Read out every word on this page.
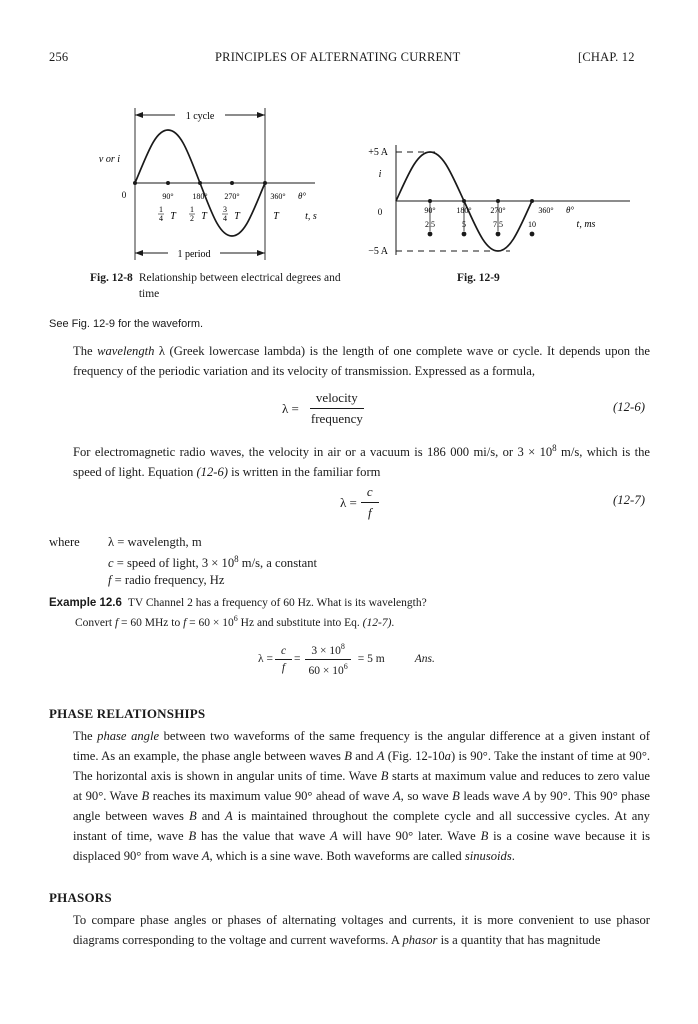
256	PRINCIPLES OF ALTERNATING CURRENT	[CHAP. 12
1 cycle
v or i
0	90° 180° 270°	360° θ°
1
4 T
1
2 T
3
4 T	T	t, s
1 period
Fig. 12-8 Relationship between electrical degrees and time
+5 A
i
0
−5 A
90°	180° 270°	360° θ°
2.5	5	7.5	10	t, ms
Fig. 12-9
See Fig. 12-9 for the waveform.
The wavelength λ (Greek lowercase lambda) is the length of one complete wave or cycle. It depends upon the frequency of the periodic variation and its velocity of transmission. Expressed as a formula,
$\lambda = \frac{\text{velocity}}{\text{frequency}}$	(12-6)
For electromagnetic radio waves, the velocity in air or a vacuum is 186 000 mi/s, or $3 \times 10^8$ m/s, which is the speed of light. Equation (12-6) is written in the familiar form
$\lambda = \frac{c}{f}$	(12-7)
where	λ = wavelength, m
c = speed of light, $3 \times 10^8$ m/s, a constant
f = radio frequency, Hz
Example 12.6 TV Channel 2 has a frequency of 60 Hz. What is its wavelength?
Convert f = 60 MHz to $f = 60 \times 10^6$ Hz and substitute into Eq. (12-7).
$\lambda = \frac{c}{f} = \frac{3 \times 10^8}{60 \times 10^6} = 5$ m	Ans.
PHASE RELATIONSHIPS
The phase angle between two waveforms of the same frequency is the angular difference at a given instant of time. As an example, the phase angle between waves B and A (Fig. 12-10a) is 90°. Take the instant of time at 90°. The horizontal axis is shown in angular units of time. Wave B starts at maximum value and reduces to zero value at 90°. Wave B reaches its maximum value 90° ahead of wave A, so wave B leads wave A by 90°. This 90° phase angle between waves B and A is maintained throughout the complete cycle and all successive cycles. At any instant of time, wave B has the value that wave A will have 90° later. Wave B is a cosine wave because it is displaced 90° from wave A, which is a sine wave. Both waveforms are called sinusoids.
PHASORS
To compare phase angles or phases of alternating voltages and currents, it is more convenient to use phasor diagrams corresponding to the voltage and current waveforms. A phasor is a quantity that has magnitude
